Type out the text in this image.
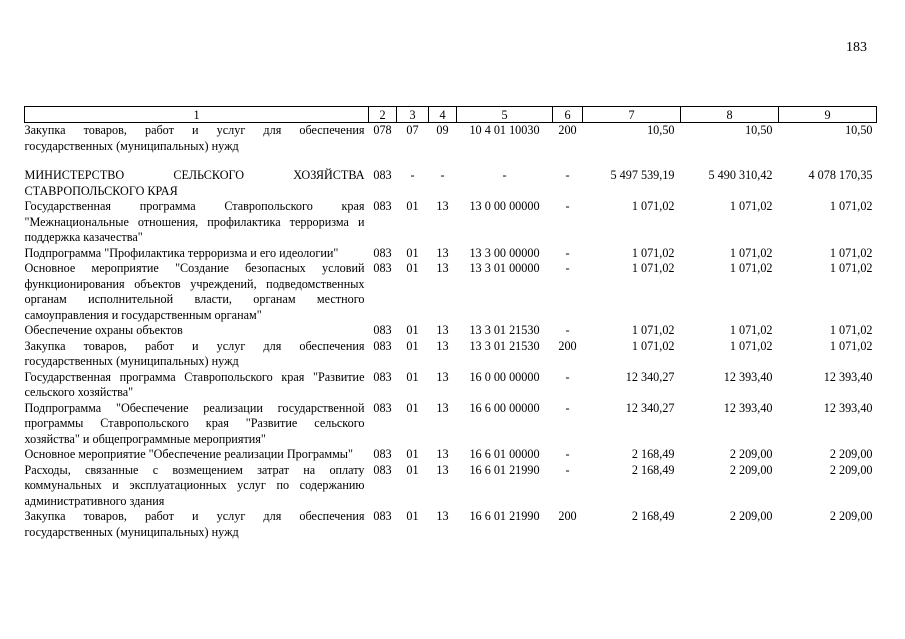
183
1	2	3	4	5	6	7	8	9
Закупка товаров, работ и услуг для обеспечения государственных (муниципальных) нужд	078	07	09	10 4 01 10030	200	10,50	10,50	10,50

МИНИСТЕРСТВО СЕЛЬСКОГО ХОЗЯЙСТВА СТАВРОПОЛЬСКОГО КРАЯ	083	-	-	-	-	5 497 539,19	5 490 310,42	4 078 170,35
Государственная программа Ставропольского края "Межнациональные отношения, профилактика терроризма и поддержка казачества"	083	01	13	13 0 00 00000	-	1 071,02	1 071,02	1 071,02
Подпрограмма "Профилактика терроризма и его идеологии"	083	01	13	13 3 00 00000	-	1 071,02	1 071,02	1 071,02
Основное мероприятие "Создание безопасных условий функционирования объектов учреждений, подведомственных органам исполнительной власти, органам местного самоуправления и государственным органам"	083	01	13	13 3 01 00000	-	1 071,02	1 071,02	1 071,02
Обеспечение охраны объектов	083	01	13	13 3 01 21530	-	1 071,02	1 071,02	1 071,02
Закупка товаров, работ и услуг для обеспечения государственных (муниципальных) нужд	083	01	13	13 3 01 21530	200	1 071,02	1 071,02	1 071,02
Государственная программа Ставропольского края "Развитие сельского хозяйства"	083	01	13	16 0 00 00000	-	12 340,27	12 393,40	12 393,40
Подпрограмма "Обеспечение реализации государственной программы Ставропольского края "Развитие сельского хозяйства" и общепрограммные мероприятия"	083	01	13	16 6 00 00000	-	12 340,27	12 393,40	12 393,40
Основное мероприятие "Обеспечение реализации Программы"	083	01	13	16 6 01 00000	-	2 168,49	2 209,00	2 209,00
Расходы, связанные с возмещением затрат на оплату коммунальных и эксплуатационных услуг по содержанию административного здания	083	01	13	16 6 01 21990	-	2 168,49	2 209,00	2 209,00
Закупка товаров, работ и услуг для обеспечения государственных (муниципальных) нужд	083	01	13	16 6 01 21990	200	2 168,49	2 209,00	2 209,00
